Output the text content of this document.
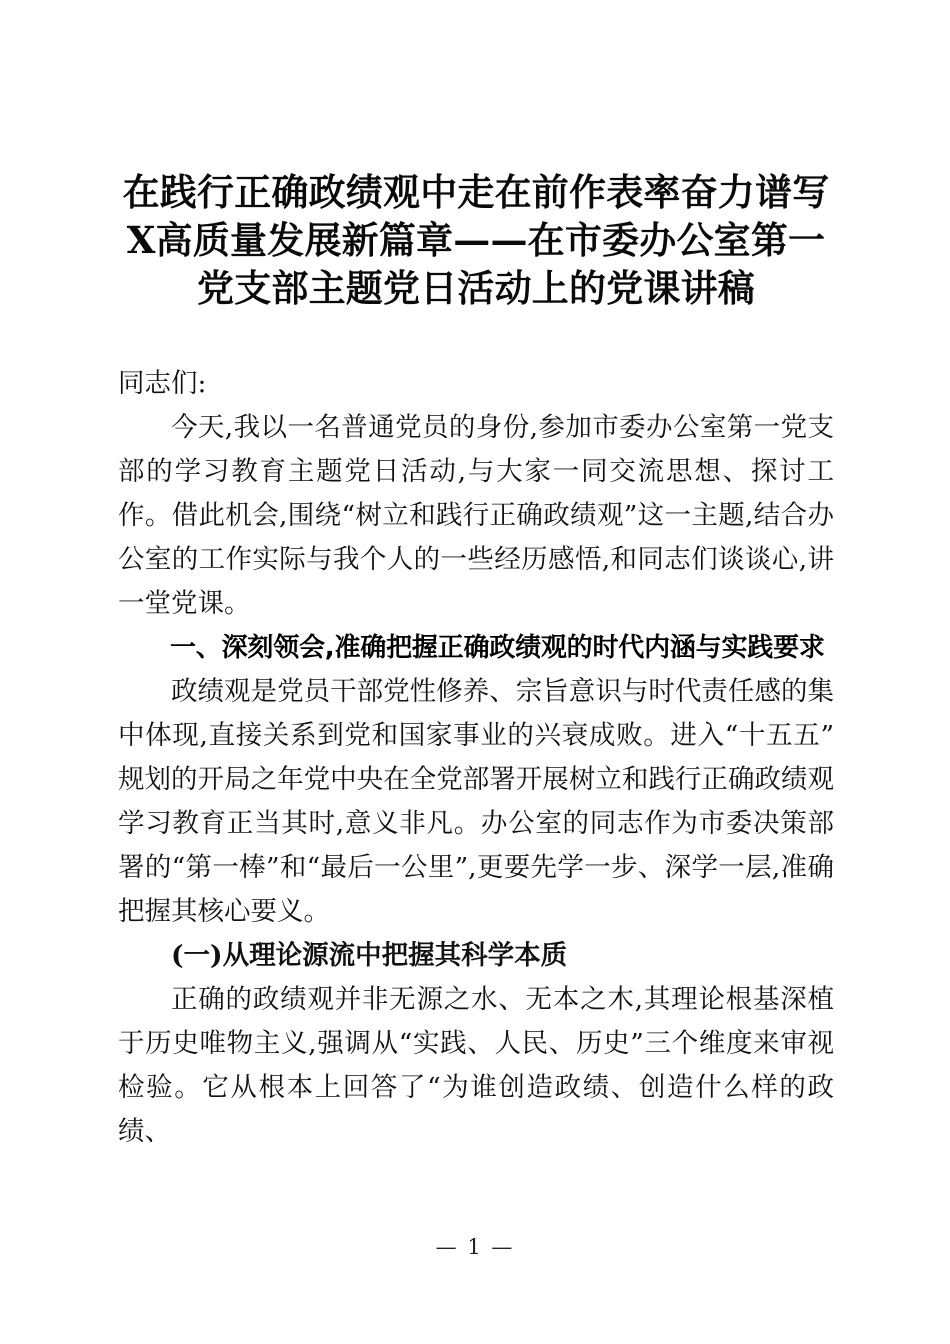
在践行正确政绩观中走在前作表率奋力谱写X高质量发展新篇章——在市委办公室第一党支部主题党日活动上的党课讲稿

同志们:

今天,我以一名普通党员的身份,参加市委办公室第一党支部的学习教育主题党日活动,与大家一同交流思想、探讨工作。借此机会,围绕“树立和践行正确政绩观”这一主题,结合办公室的工作实际与我个人的一些经历感悟,和同志们谈谈心,讲一堂党课。

一、深刻领会,准确把握正确政绩观的时代内涵与实践要求

政绩观是党员干部党性修养、宗旨意识与时代责任感的集中体现,直接关系到党和国家事业的兴衰成败。进入“十五五”规划的开局之年党中央在全党部署开展树立和践行正确政绩观学习教育正当其时,意义非凡。办公室的同志作为市委决策部署的“第一棒”和“最后一公里”,更要先学一步、深学一层,准确把握其核心要义。

(一)从理论源流中把握其科学本质

正确的政绩观并非无源之水、无本之木,其理论根基深植于历史唯物主义,强调从“实践、人民、历史”三个维度来审视检验。它从根本上回答了“为谁创造政绩、创造什么样的政绩、

— 1 —
